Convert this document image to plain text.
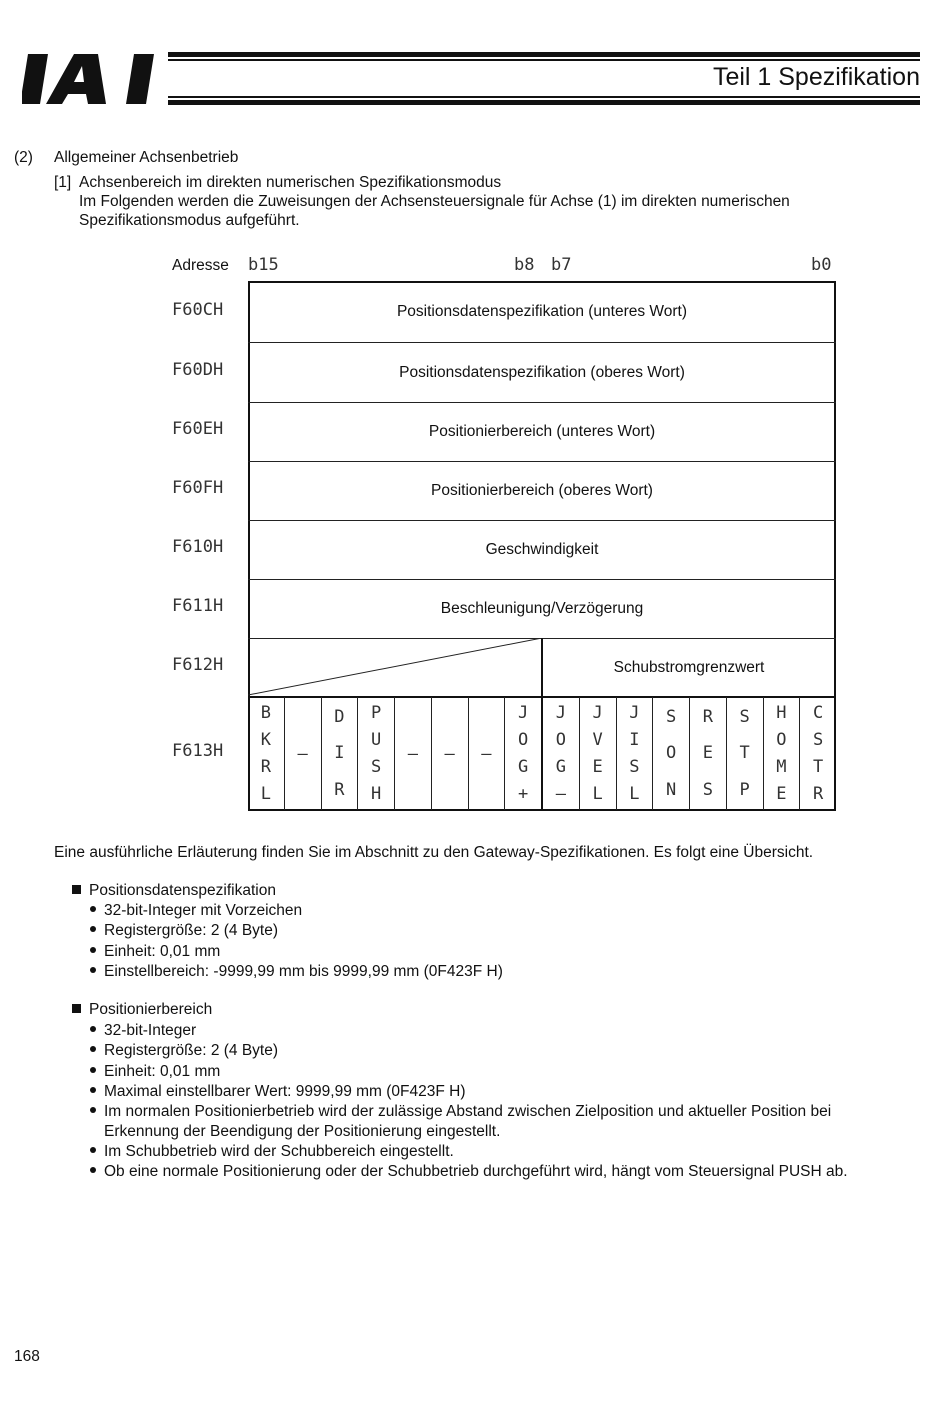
Teil 1 Spezifikation
(2) Allgemeiner Achsenbetrieb
[1] Achsenbereich im direkten numerischen Spezifikationsmodus
Im Folgenden werden die Zuweisungen der Achsensteuersignale für Achse (1) im direkten numerischen
Spezifikationsmodus aufgeführt.
Adresse b15	b8 b7	b0
F60CH
F60DH
F60EH
F60FH
F610H
F611H
F612H
F613H
Positionsdatenspezifikation (unteres Wort)
Positionsdatenspezifikation (oberes Wort)
Positionierbereich (unteres Wort)
Positionierbereich (oberes Wort)
Geschwindigkeit
Beschleunigung/Verzögerung
Schubstromgrenzwert
B
K
R
L
—
D
I
R
P
U
S
H
— — —
J
O
G
+
J
O
G
—
J
V
E
L
J
I
S
L
S
O
N
R
E
S
S
T
P
H
O
M
E
C
S
T
R
Eine ausführliche Erläuterung finden Sie im Abschnitt zu den Gateway-Spezifikationen. Es folgt eine Übersicht.
Positionsdatenspezifikation
32-bit-Integer mit Vorzeichen
Registergröße: 2 (4 Byte)
Einheit: 0,01 mm
Einstellbereich: -9999,99 mm bis 9999,99 mm (0F423F H)
Positionierbereich
32-bit-Integer
Registergröße: 2 (4 Byte)
Einheit: 0,01 mm
Maximal einstellbarer Wert: 9999,99 mm (0F423F H)
Im normalen Positionierbetrieb wird der zulässige Abstand zwischen Zielposition und aktueller Position bei
Erkennung der Beendigung der Positionierung eingestellt.
Im Schubbetrieb wird der Schubbereich eingestellt.
Ob eine normale Positionierung oder der Schubbetrieb durchgeführt wird, hängt vom Steuersignal PUSH ab.
168
